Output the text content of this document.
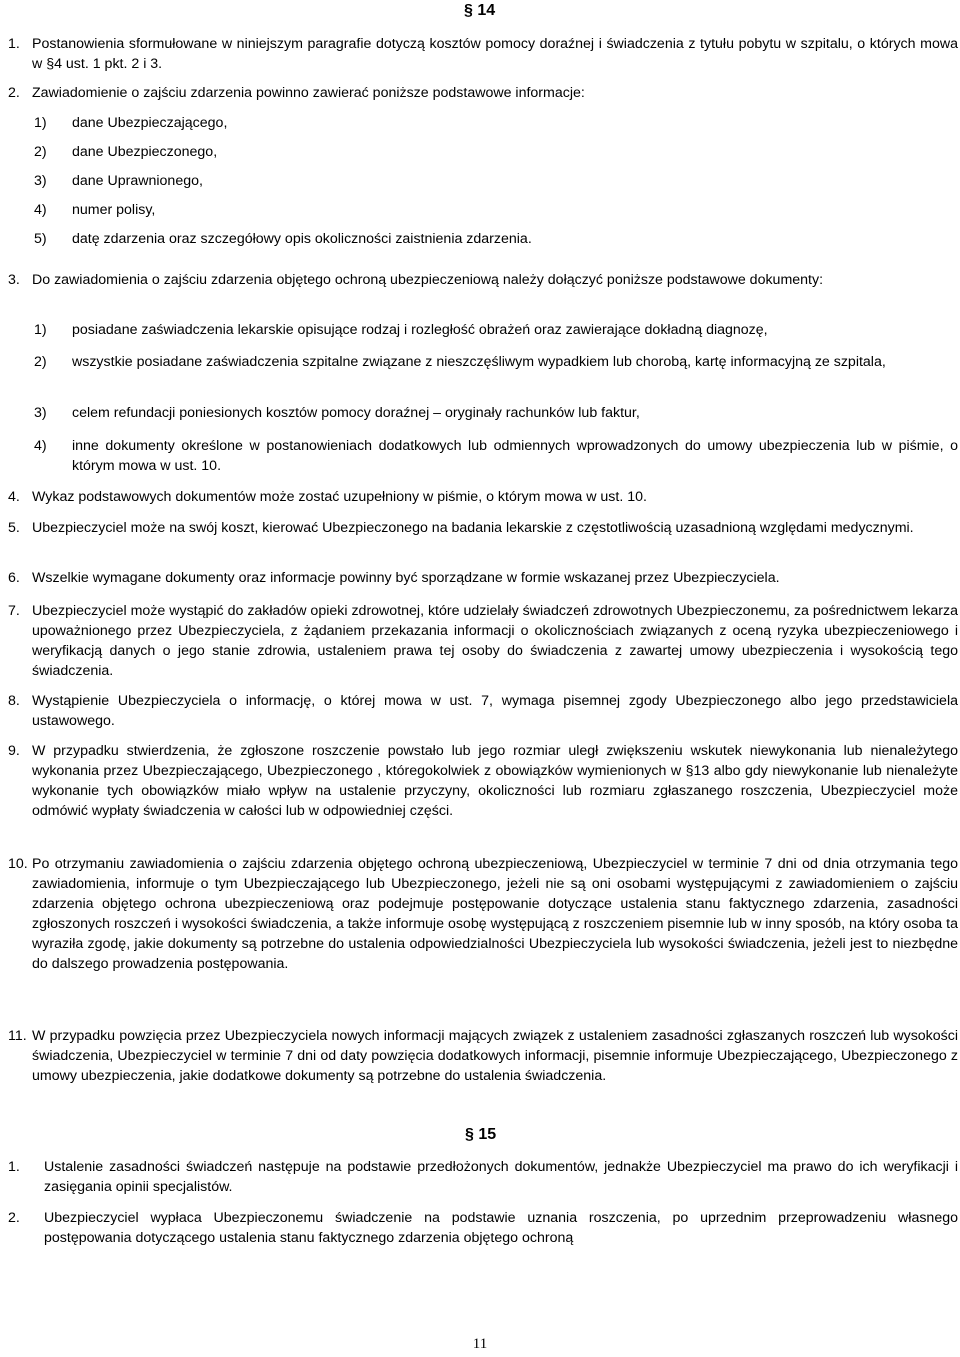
§ 14
1. Postanowienia sformułowane w niniejszym paragrafie dotyczą kosztów pomocy doraźnej i świadczenia z tytułu pobytu w szpitalu, o których mowa w §4 ust. 1 pkt. 2 i 3.
2. Zawiadomienie o zajściu zdarzenia powinno zawierać poniższe podstawowe informacje:
1) dane Ubezpieczającego,
2) dane Ubezpieczonego,
3) dane Uprawnionego,
4) numer polisy,
5) datę zdarzenia oraz szczegółowy opis okoliczności zaistnienia zdarzenia.
3. Do zawiadomienia o zajściu zdarzenia objętego ochroną ubezpieczeniową należy dołączyć poniższe podstawowe dokumenty:
1) posiadane zaświadczenia lekarskie opisujące rodzaj i rozległość obrażeń oraz zawierające dokładną diagnozę,
2) wszystkie posiadane zaświadczenia szpitalne związane z nieszczęśliwym wypadkiem lub chorobą, kartę informacyjną ze szpitala,
3) celem refundacji poniesionych kosztów pomocy doraźnej – oryginały rachunków lub faktur,
4) inne dokumenty określone w postanowieniach dodatkowych lub odmiennych wprowadzonych do umowy ubezpieczenia lub w piśmie, o którym mowa w ust. 10.
4. Wykaz podstawowych dokumentów może zostać uzupełniony w piśmie, o którym mowa w ust. 10.
5. Ubezpieczyciel może na swój koszt, kierować Ubezpieczonego na badania lekarskie z częstotliwością uzasadnioną względami medycznymi.
6. Wszelkie wymagane dokumenty oraz informacje powinny być sporządzane w formie wskazanej przez Ubezpieczyciela.
7. Ubezpieczyciel może wystąpić do zakładów opieki zdrowotnej, które udzielały świadczeń zdrowotnych Ubezpieczonemu, za pośrednictwem lekarza upoważnionego przez Ubezpieczyciela, z żądaniem przekazania informacji o okolicznościach związanych z oceną ryzyka ubezpieczeniowego i weryfikacją danych o jego stanie zdrowia, ustaleniem prawa tej osoby do świadczenia z zawartej umowy ubezpieczenia i wysokością tego świadczenia.
8. Wystąpienie Ubezpieczyciela o informację, o której mowa w ust. 7, wymaga pisemnej zgody Ubezpieczonego albo jego przedstawiciela ustawowego.
9. W przypadku stwierdzenia, że zgłoszone roszczenie powstało lub jego rozmiar uległ zwiększeniu wskutek niewykonania lub nienależytego wykonania przez Ubezpieczającego, Ubezpieczonego , któregokolwiek z obowiązków wymienionych w §13 albo gdy niewykonanie lub nienależyte wykonanie tych obowiązków miało wpływ na ustalenie przyczyny, okoliczności lub rozmiaru zgłaszanego roszczenia, Ubezpieczyciel może odmówić wypłaty świadczenia w całości lub w odpowiedniej części.
10. Po otrzymaniu zawiadomienia o zajściu zdarzenia objętego ochroną ubezpieczeniową, Ubezpieczyciel w terminie 7 dni od dnia otrzymania tego zawiadomienia, informuje o tym Ubezpieczającego lub Ubezpieczonego, jeżeli nie są oni osobami występującymi z zawiadomieniem o zajściu zdarzenia objętego ochrona ubezpieczeniową oraz podejmuje postępowanie dotyczące ustalenia stanu faktycznego zdarzenia, zasadności zgłoszonych roszczeń i wysokości świadczenia, a także informuje osobę występującą z roszczeniem pisemnie lub w inny sposób, na który osoba ta wyraziła zgodę, jakie dokumenty są potrzebne do ustalenia odpowiedzialności Ubezpieczyciela lub wysokości świadczenia, jeżeli jest to niezbędne do dalszego prowadzenia postępowania.
11. W przypadku powzięcia przez Ubezpieczyciela nowych informacji mających związek z ustaleniem zasadności zgłaszanych roszczeń lub wysokości świadczenia, Ubezpieczyciel w terminie 7 dni od daty powzięcia dodatkowych informacji, pisemnie informuje Ubezpieczającego, Ubezpieczonego z umowy ubezpieczenia, jakie dodatkowe dokumenty są potrzebne do ustalenia świadczenia.
§ 15
1. Ustalenie zasadności świadczeń następuje na podstawie przedłożonych dokumentów, jednakże Ubezpieczyciel ma prawo do ich weryfikacji i zasięgania opinii specjalistów.
2. Ubezpieczyciel wypłaca Ubezpieczonemu świadczenie na podstawie uznania roszczenia, po uprzednim przeprowadzeniu własnego postępowania dotyczącego ustalenia stanu faktycznego zdarzenia objętego ochroną
11
